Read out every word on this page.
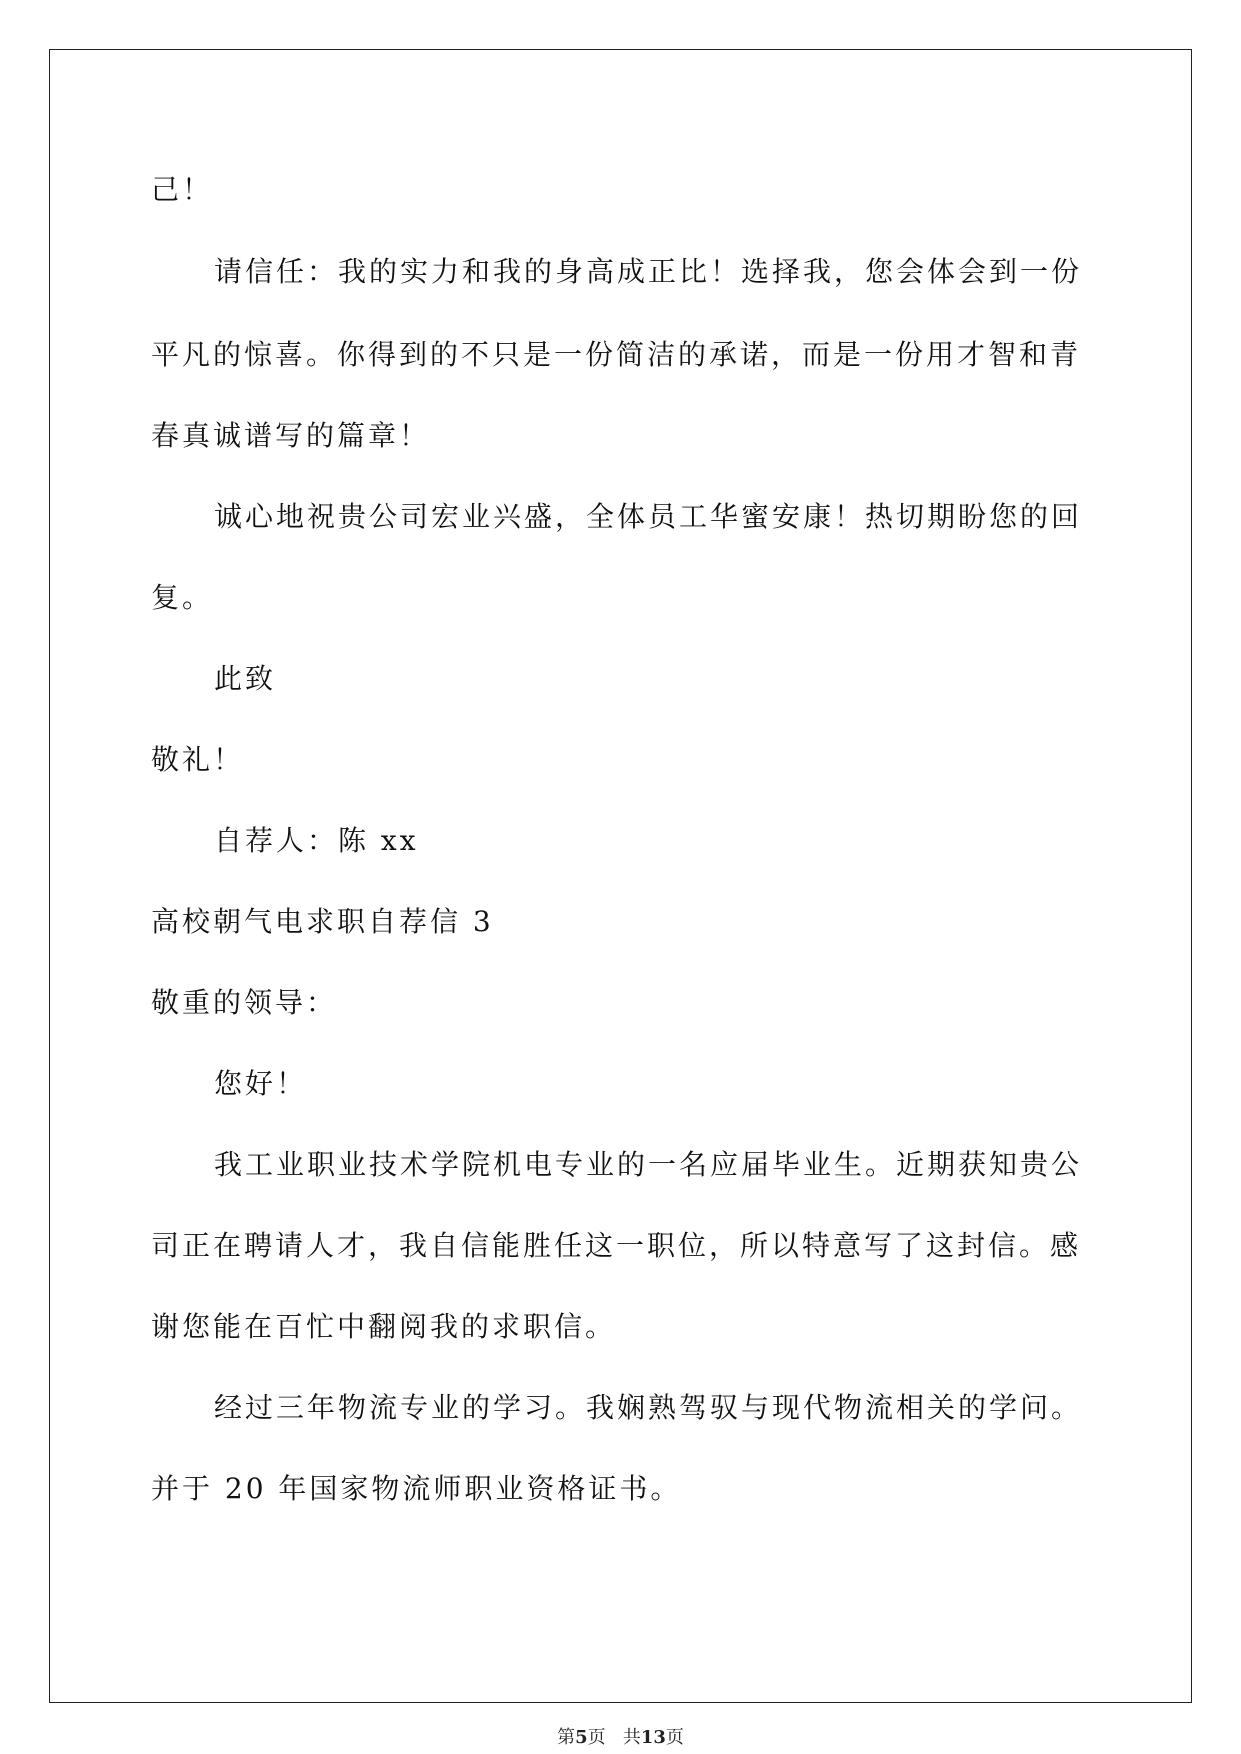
己！
请信任：我的实力和我的身高成正比！选择我，您会体会到一份
平凡的惊喜。你得到的不只是一份简洁的承诺，而是一份用才智和青
春真诚谱写的篇章！
诚心地祝贵公司宏业兴盛，全体员工华蜜安康！热切期盼您的回
复。
此致
敬礼！
自荐人：陈 xx
高校朝气电求职自荐信 3
敬重的领导：
您好！
我工业职业技术学院机电专业的一名应届毕业生。近期获知贵公
司正在聘请人才，我自信能胜任这一职位，所以特意写了这封信。感
谢您能在百忙中翻阅我的求职信。
经过三年物流专业的学习。我娴熟驾驭与现代物流相关的学问。
并于 20 年国家物流师职业资格证书。
第5页 共13页
